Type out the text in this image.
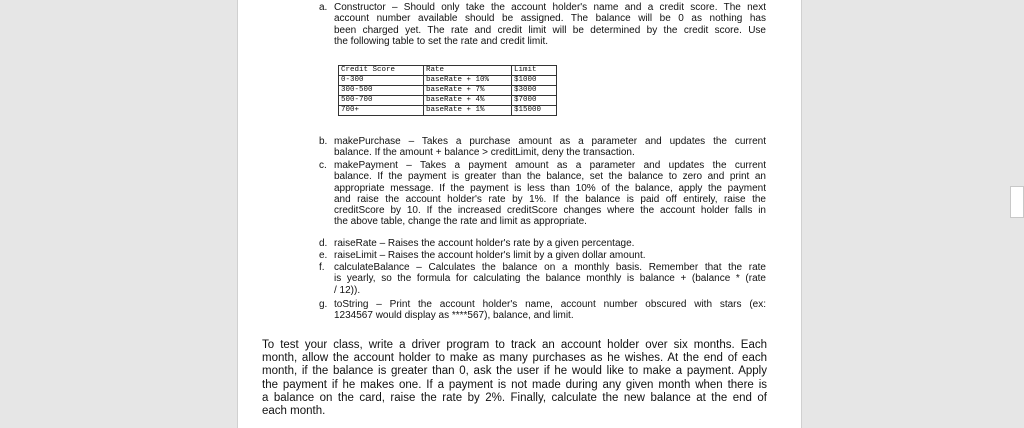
a. Constructor – Should only take the account holder's name and a credit score. The next
account number available should be assigned. The balance will be 0 as nothing has
been charged yet. The rate and credit limit will be determined by the credit score. Use
the following table to set the rate and credit limit.
Credit Score	Rate	Limit
0-300	baseRate + 10%	$1000
300-500	baseRate + 7%	$3000
500-700	baseRate + 4%	$7000
700+	baseRate + 1%	$15000
b. makePurchase – Takes a purchase amount as a parameter and updates the current
balance. If the amount + balance > creditLimit, deny the transaction.
c. makePayment – Takes a payment amount as a parameter and updates the current
balance. If the payment is greater than the balance, set the balance to zero and print an
appropriate message. If the payment is less than 10% of the balance, apply the payment
and raise the account holder's rate by 1%. If the balance is paid off entirely, raise the
creditScore by 10. If the increased creditScore changes where the account holder falls in
the above table, change the rate and limit as appropriate.
d. raiseRate – Raises the account holder's rate by a given percentage.
e. raiseLimit – Raises the account holder's limit by a given dollar amount.
f. calculateBalance – Calculates the balance on a monthly basis. Remember that the rate
is yearly, so the formula for calculating the balance monthly is balance + (balance * (rate
/ 12)).
g. toString – Print the account holder's name, account number obscured with stars (ex:
1234567 would display as ****567), balance, and limit.
To test your class, write a driver program to track an account holder over six months. Each
month, allow the account holder to make as many purchases as he wishes. At the end of each
month, if the balance is greater than 0, ask the user if he would like to make a payment. Apply
the payment if he makes one. If a payment is not made during any given month when there is
a balance on the card, raise the rate by 2%. Finally, calculate the new balance at the end of
each month.
